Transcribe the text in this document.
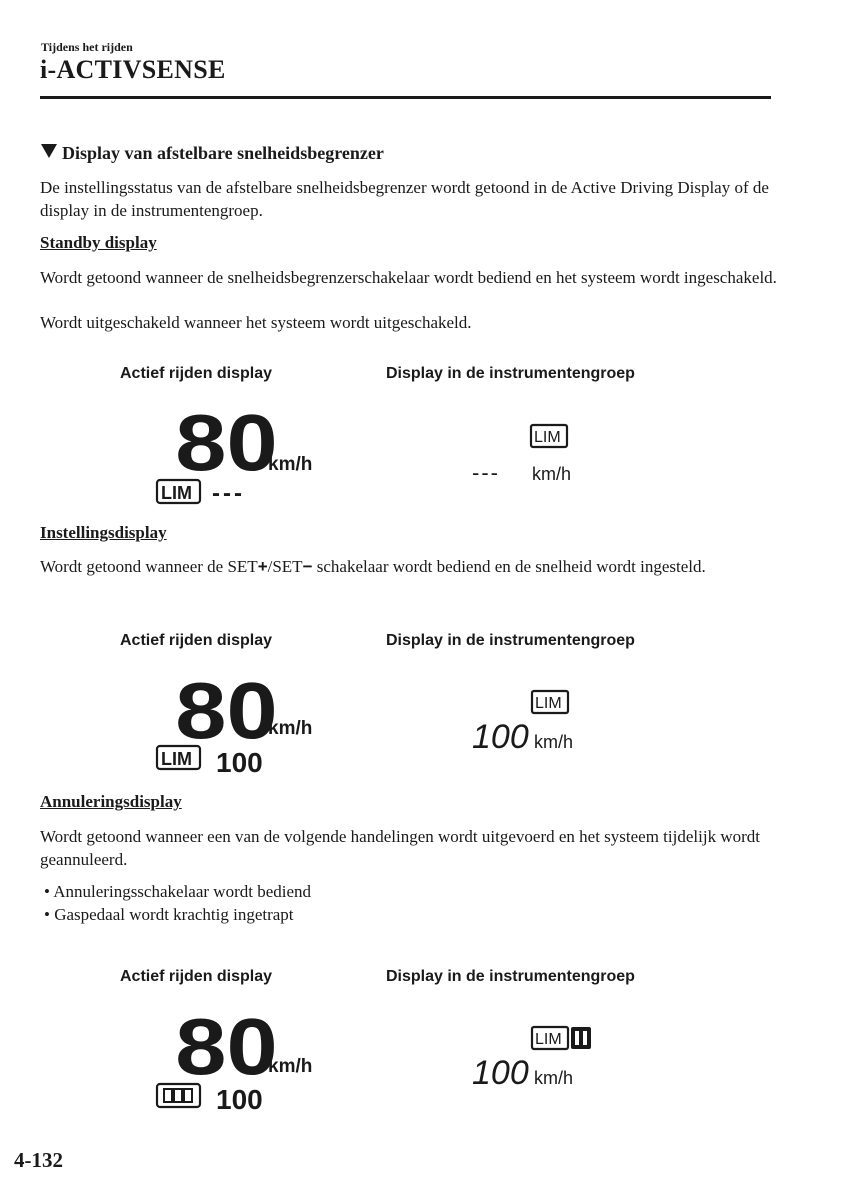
Tijdens het rijden
i-ACTIVSENSE
Display van afstelbare snelheidsbegrenzer
De instellingsstatus van de afstelbare snelheidsbegrenzer wordt getoond in de Active Driving Display of de display in de instrumentengroep.
Standby display
Wordt getoond wanneer de snelheidsbegrenzerschakelaar wordt bediend en het systeem wordt ingeschakeld.
Wordt uitgeschakeld wanneer het systeem wordt uitgeschakeld.
Actief rijden display	Display in de instrumentengroep
80
km/h
LIM ---
LIM
--- km/h
Instellingsdisplay
Wordt getoond wanneer de SET+/SET− schakelaar wordt bediend en de snelheid wordt ingesteld.
Actief rijden display	Display in de instrumentengroep
80
km/h
LIM 100
LIM
100 km/h
Annuleringsdisplay
Wordt getoond wanneer een van de volgende handelingen wordt uitgevoerd en het systeem tijdelijk wordt geannuleerd.
• Annuleringsschakelaar wordt bediend
• Gaspedaal wordt krachtig ingetrapt
Actief rijden display	Display in de instrumentengroep
80
km/h
100
LIM
100 km/h
4-132
